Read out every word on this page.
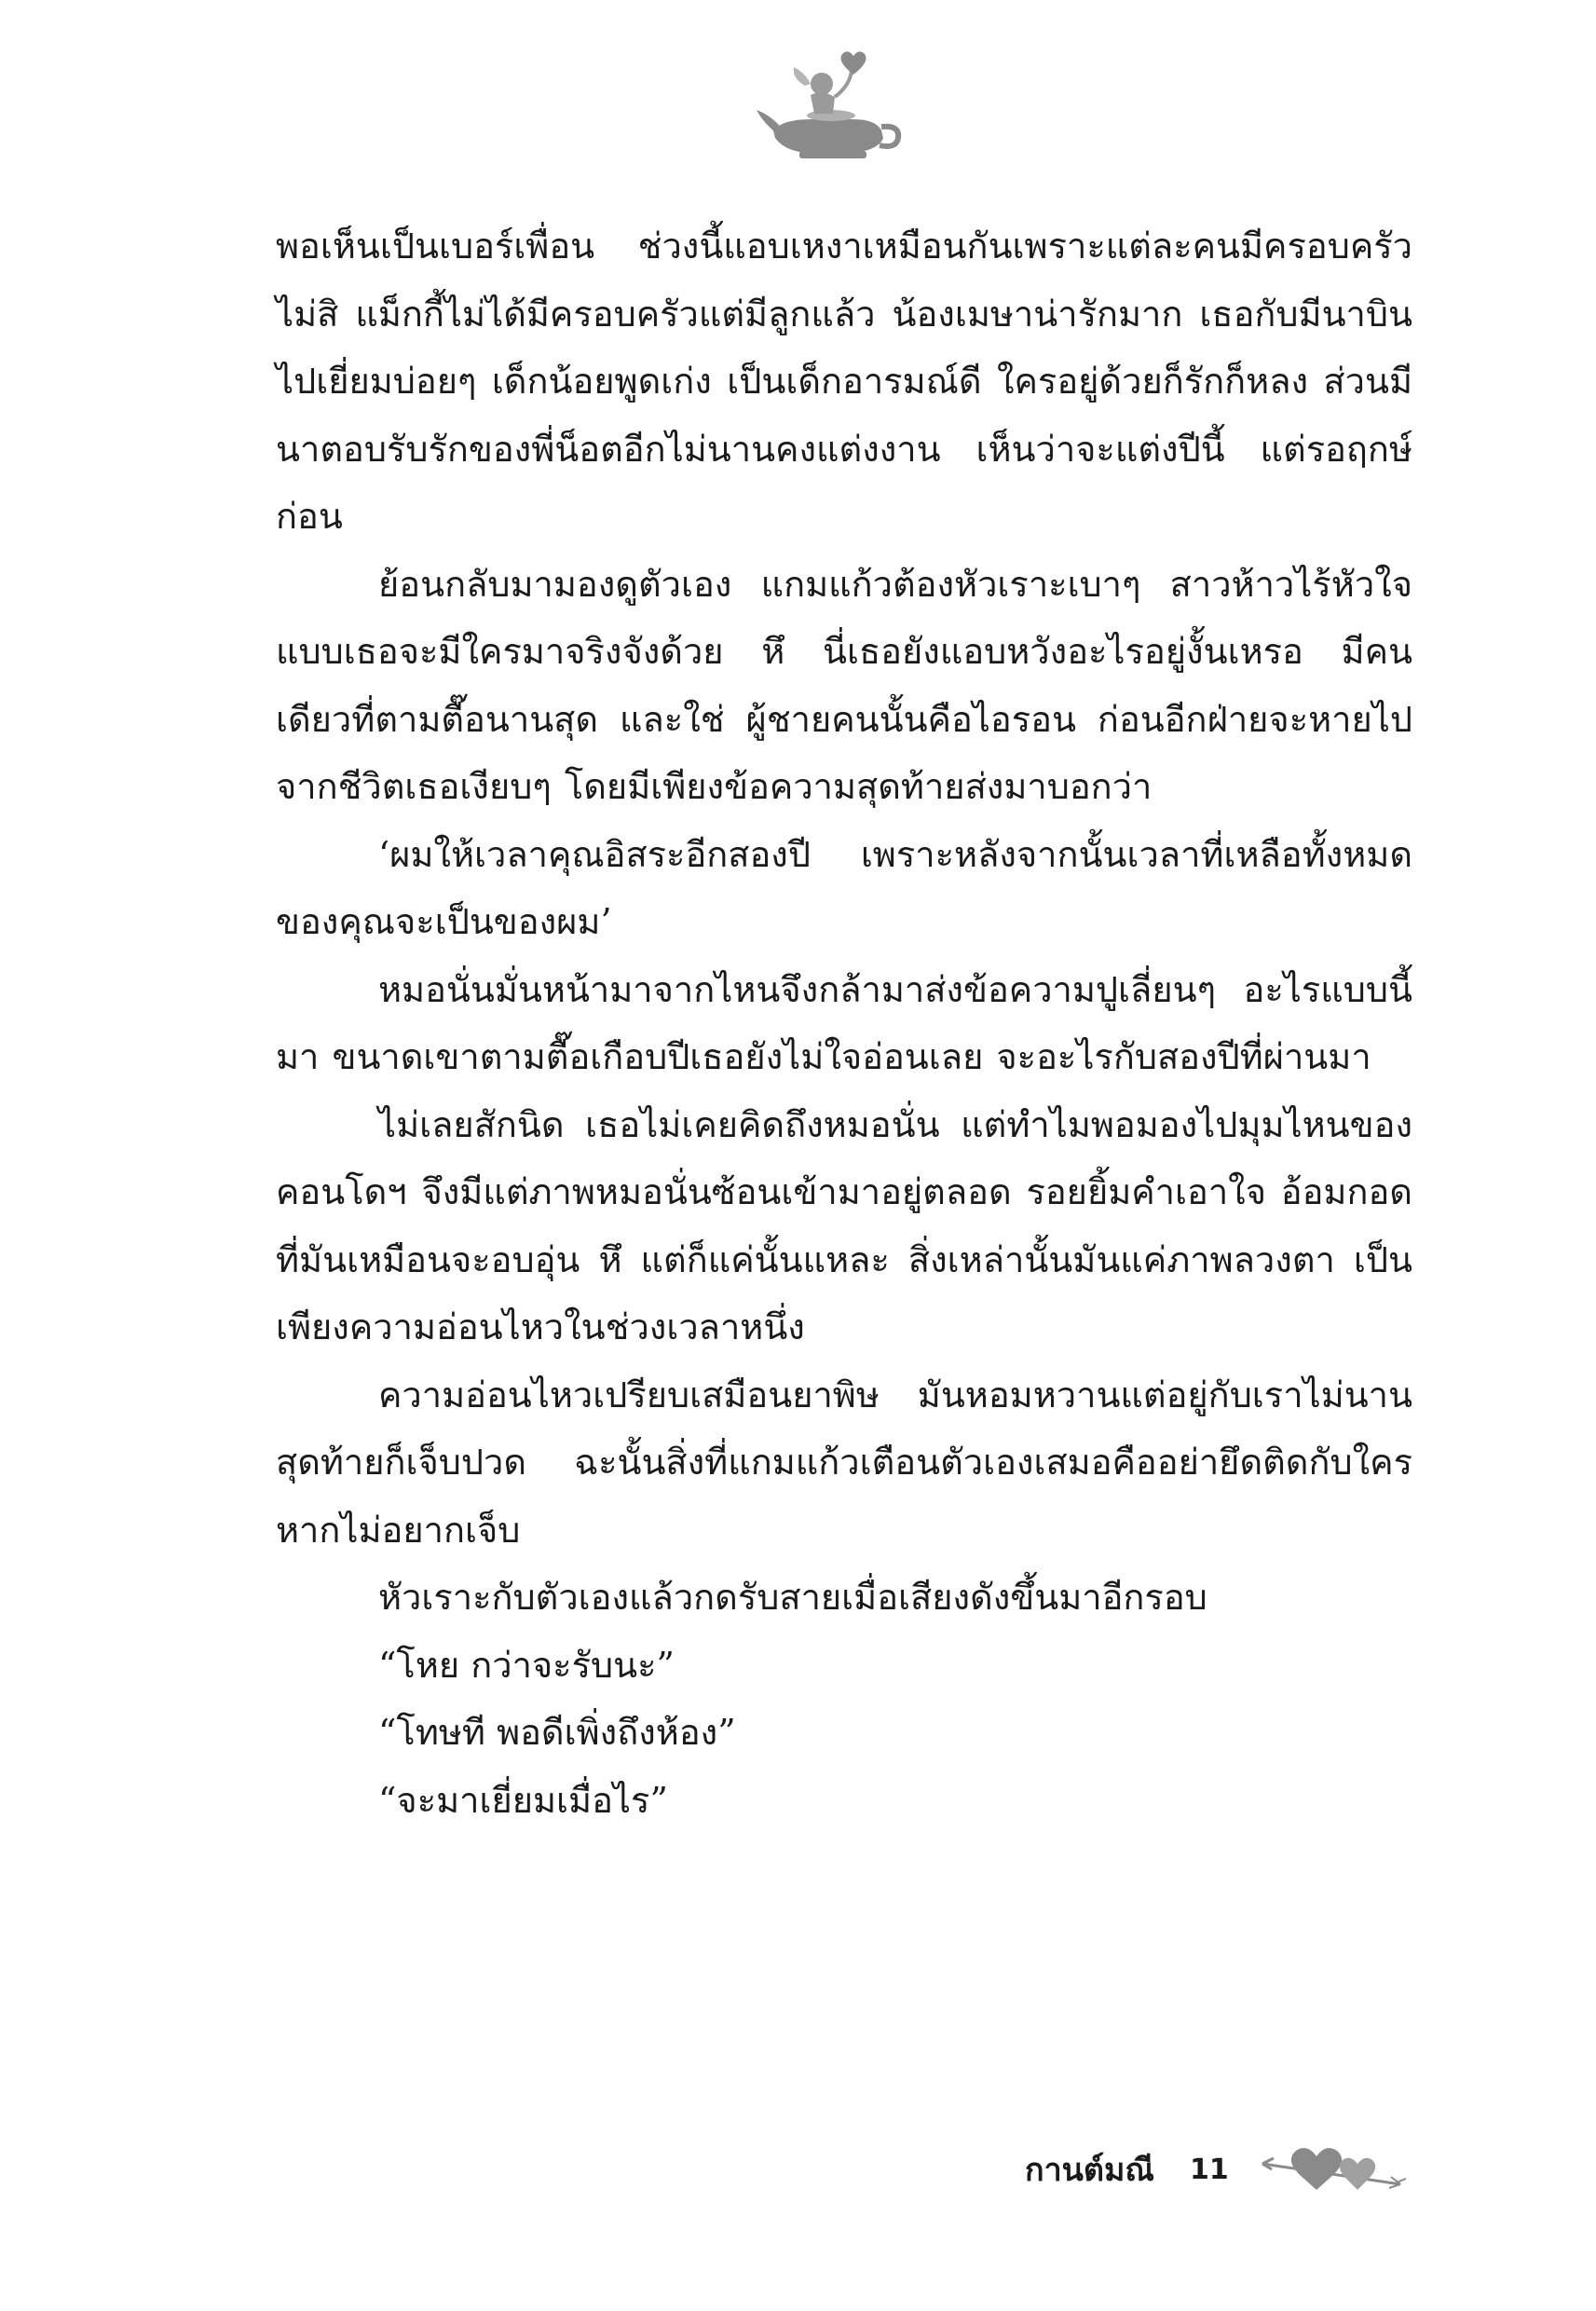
พอเห็นเป็นเบอร์เพื่อน ช่วงนี้แอบเหงาเหมือนกันเพราะแต่ละคนมีครอบครัว ไม่สิ แม็กกี้ไม่ได้มีครอบครัวแต่มีลูกแล้ว น้องเมษาน่ารักมาก เธอกับมีนาบินไปเยี่ยมบ่อยๆ เด็กน้อยพูดเก่ง เป็นเด็กอารมณ์ดี ใครอยู่ด้วยก็รักก็หลง ส่วนมีนาตอบรับรักของพี่น็อตอีกไม่นานคงแต่งงาน เห็นว่าจะแต่งปีนี้ แต่รอฤกษ์ก่อน

ย้อนกลับมามองดูตัวเอง แกมแก้วต้องหัวเราะเบาๆ สาวห้าวไร้หัวใจแบบเธอจะมีใครมาจริงจังด้วย หึ นี่เธอยังแอบหวังอะไรอยู่งั้นเหรอ มีคนเดียวที่ตามตื๊อนานสุด และใช่ ผู้ชายคนนั้นคือไอรอน ก่อนอีกฝ่ายจะหายไปจากชีวิตเธอเงียบๆ โดยมีเพียงข้อความสุดท้ายส่งมาบอกว่า

‘ผมให้เวลาคุณอิสระอีกสองปี เพราะหลังจากนั้นเวลาที่เหลือทั้งหมดของคุณจะเป็นของผม’

หมอนั่นมั่นหน้ามาจากไหนจึงกล้ามาส่งข้อความปูเลี่ยนๆ อะไรแบบนี้มา ขนาดเขาตามตื๊อเกือบปีเธอยังไม่ใจอ่อนเลย จะอะไรกับสองปีที่ผ่านมา

ไม่เลยสักนิด เธอไม่เคยคิดถึงหมอนั่น แต่ทำไมพอมองไปมุมไหนของคอนโดฯ จึงมีแต่ภาพหมอนั่นซ้อนเข้ามาอยู่ตลอด รอยยิ้มคำเอาใจ อ้อมกอดที่มันเหมือนจะอบอุ่น หึ แต่ก็แค่นั้นแหละ สิ่งเหล่านั้นมันแค่ภาพลวงตา เป็นเพียงความอ่อนไหวในช่วงเวลาหนึ่ง

ความอ่อนไหวเปรียบเสมือนยาพิษ มันหอมหวานแต่อยู่กับเราไม่นาน สุดท้ายก็เจ็บปวด ฉะนั้นสิ่งที่แกมแก้วเตือนตัวเองเสมอคืออย่ายึดติดกับใครหากไม่อยากเจ็บ

หัวเราะกับตัวเองแล้วกดรับสายเมื่อเสียงดังขึ้นมาอีกรอบ

“โหย กว่าจะรับนะ”

“โทษที พอดีเพิ่งถึงห้อง”

“จะมาเยี่ยมเมื่อไร”

กานต์มณี 11
